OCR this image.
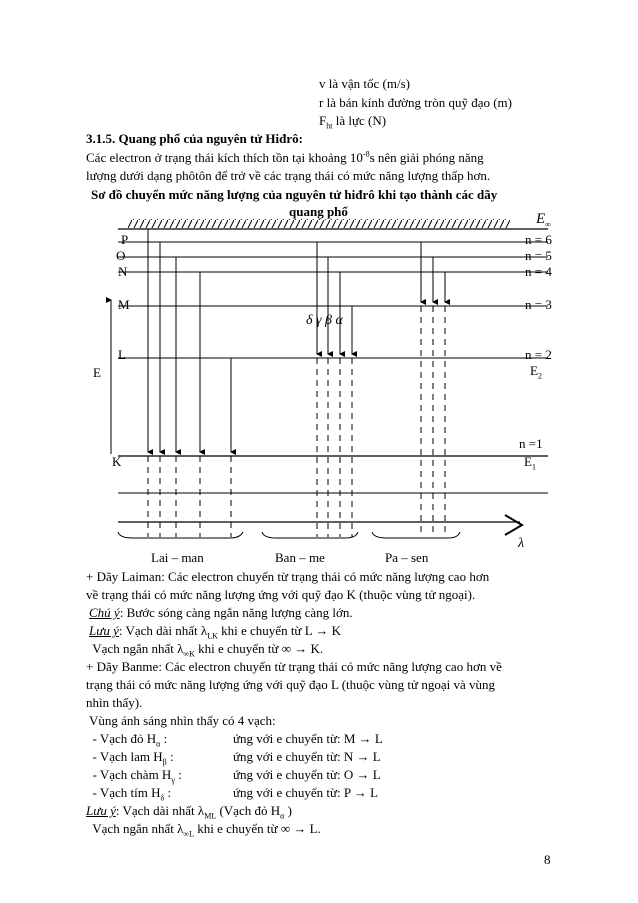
v là vận tốc (m/s)
r là bán kính đường tròn quỹ đạo (m)
$F_{ht}$ là lực (N)
3.1.5. Quang phổ của nguyên tử Hiđrô:
Các electron ở trạng thái kích thích tồn tại khoảng $10^{-8}s$ nên giải phóng năng
lượng dưới dạng phôtôn để trở về các trạng thái có mức năng lượng thấp hơn.
Sơ đồ chuyển mức năng lượng của nguyên tử hiđrô khi tạo thành các dãy
quang phổ	$E_\infty$
P
O
N
M
L
K
n = 6
n = 5
n = 4
n = 3
n = 2
n =1
$E_2$
$E_1$
E
δ γ β α
λ
Lai – man	Ban – me	Pa – sen
+ Dãy Laiman: Các electron chuyển từ trạng thái có mức năng lượng cao hơn
về trạng thái có mức năng lượng ứng với quỹ đạo K (thuộc vùng tử ngoại).
Chú ý: Bước sóng càng ngắn năng lượng càng lớn.
Lưu ý: Vạch dài nhất $\lambda_{LK}$ khi e chuyển từ L → K
Vạch ngắn nhất $\lambda_{\infty K}$ khi e chuyển từ ∞ → K.
+ Dãy Banme: Các electron chuyển từ trạng thái có mức năng lượng cao hơn về
trạng thái có mức năng lượng ứng với quỹ đạo L (thuộc vùng tử ngoại và vùng
nhìn thấy).
Vùng ánh sáng nhìn thấy có 4 vạch:
- Vạch đỏ $H_\alpha$ :	ứng với e chuyển từ: M → L
- Vạch lam $H_\beta$ :	ứng với e chuyển từ: N → L
- Vạch chàm $H_\gamma$ :	ứng với e chuyển từ: O → L
- Vạch tím $H_\delta$ :	ứng với e chuyển từ: P → L
Lưu ý: Vạch dài nhất $\lambda_{ML}$ (Vạch đỏ $H_\alpha$ )
Vạch ngắn nhất $\lambda_{\infty L}$ khi e chuyển từ ∞ → L.
8
